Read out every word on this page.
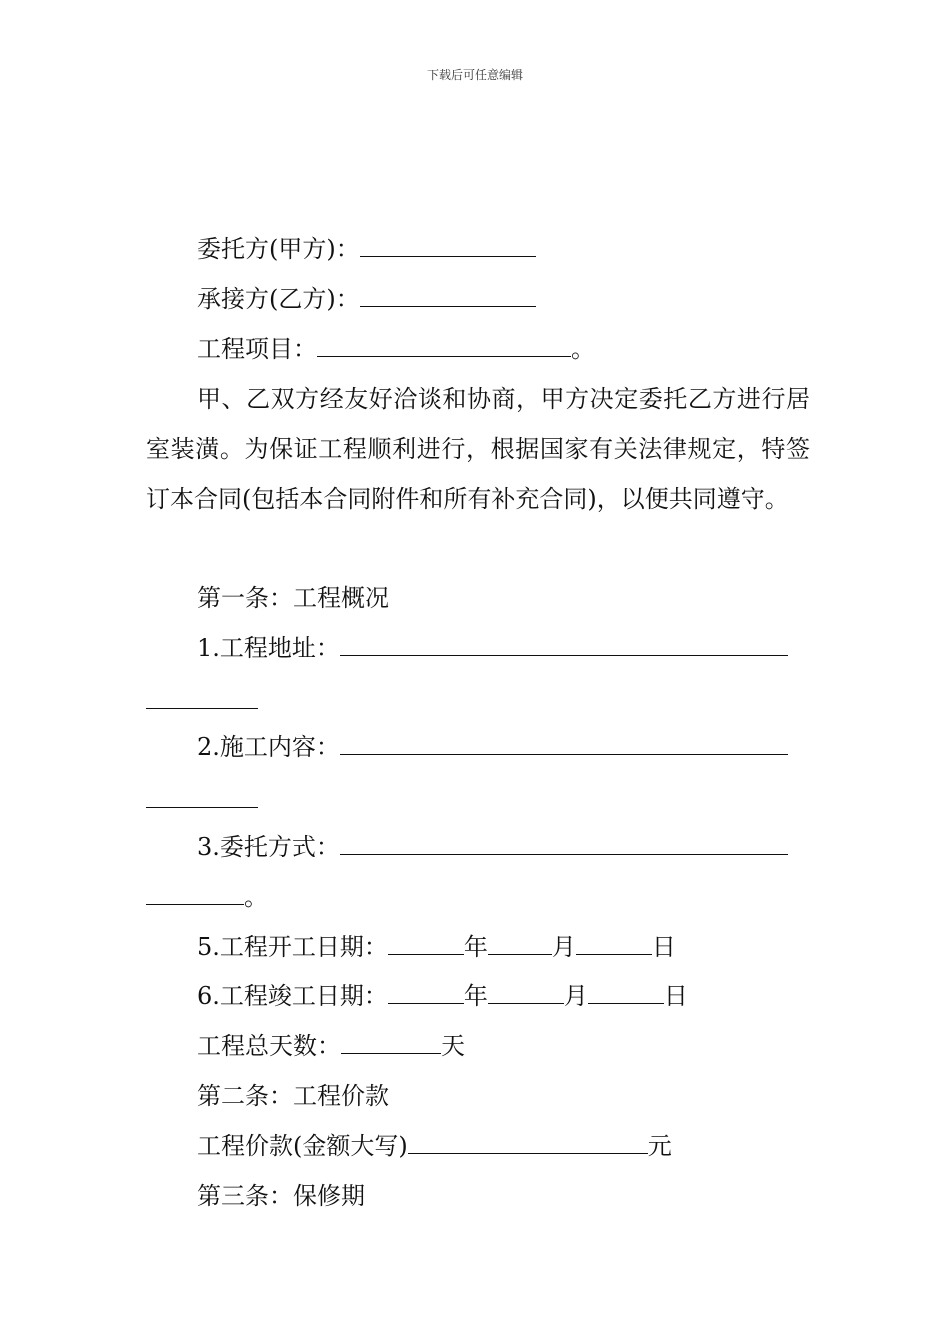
下载后可任意编辑
委托方(甲方)：
承接方(乙方)：
工程项目：	。
甲、乙双方经友好洽谈和协商，甲方决定委托乙方进行居室装潢。为保证工程顺利进行，根据国家有关法律规定，特签订本合同(包括本合同附件和所有补充合同)，以便共同遵守。
第一条：工程概况
1.工程地址：
2.施工内容：
3.委托方式：
。
5.工程开工日期：	年	月	日
6.工程竣工日期：	年	月	日
工程总天数：	天
第二条：工程价款
工程价款(金额大写)	元
第三条：保修期
